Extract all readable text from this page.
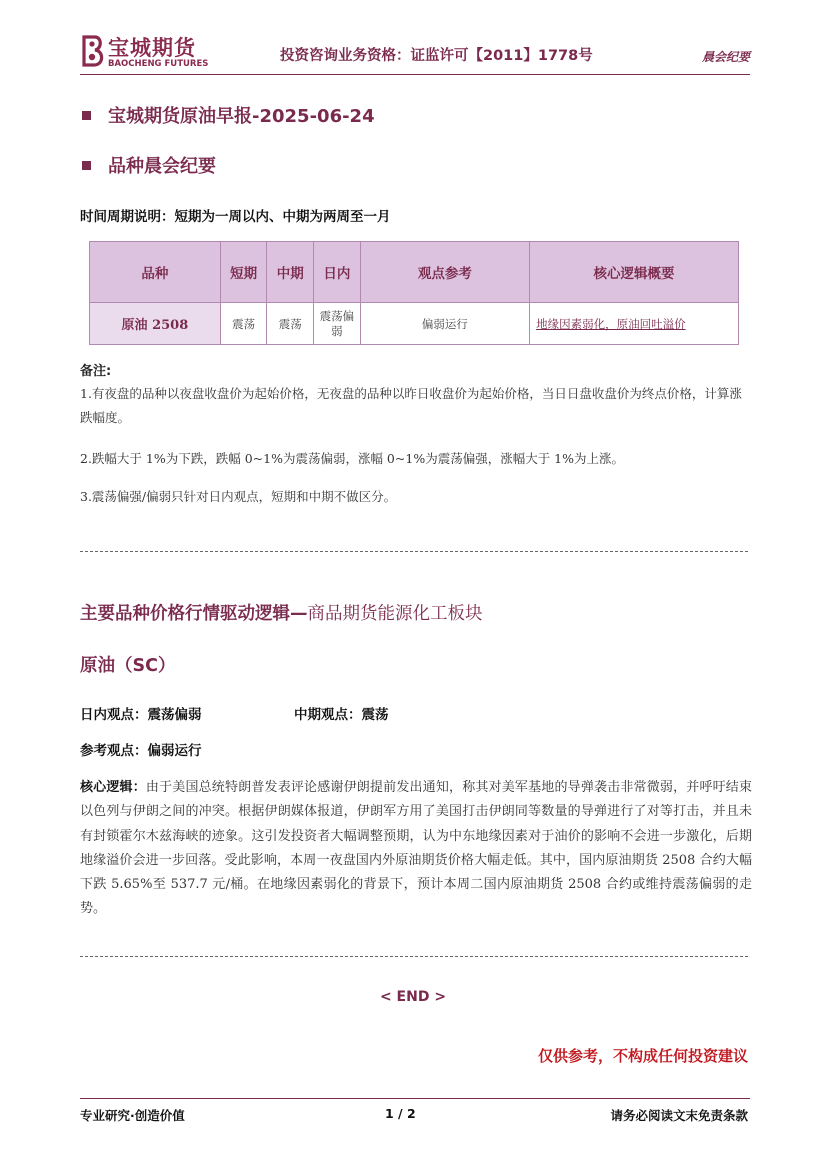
宝城期货
BAOCHENG FUTURES	投资咨询业务资格：证监许可【2011】1778号	晨会纪要
宝城期货原油早报-2025-06-24
品种晨会纪要
时间周期说明：短期为一周以内、中期为两周至一月
品种	短期	中期	日内	观点参考	核心逻辑概要
原油 2508	震荡	震荡	震荡偏弱	偏弱运行	地缘因素弱化，原油回吐溢价
备注:
1.有夜盘的品种以夜盘收盘价为起始价格，无夜盘的品种以昨日收盘价为起始价格，当日日盘收盘价为终点价格，计算涨跌幅度。
2.跌幅大于 1%为下跌，跌幅 0~1%为震荡偏弱，涨幅 0~1%为震荡偏强，涨幅大于 1%为上涨。
3.震荡偏强/偏弱只针对日内观点，短期和中期不做区分。
主要品种价格行情驱动逻辑—商品期货能源化工板块
原油（SC）
日内观点：震荡偏弱	中期观点：震荡
参考观点：偏弱运行
核心逻辑：由于美国总统特朗普发表评论感谢伊朗提前发出通知，称其对美军基地的导弹袭击非常微弱，并呼吁结束以色列与伊朗之间的冲突。根据伊朗媒体报道，伊朗军方用了美国打击伊朗同等数量的导弹进行了对等打击，并且未有封锁霍尔木兹海峡的迹象。这引发投资者大幅调整预期，认为中东地缘因素对于油价的影响不会进一步激化，后期地缘溢价会进一步回落。受此影响，本周一夜盘国内外原油期货价格大幅走低。其中，国内原油期货 2508 合约大幅下跌 5.65%至 537.7 元/桶。在地缘因素弱化的背景下，预计本周二国内原油期货 2508 合约或维持震荡偏弱的走势。
< END >
仅供参考，不构成任何投资建议
专业研究·创造价值	1 / 2	请务必阅读文末免责条款
